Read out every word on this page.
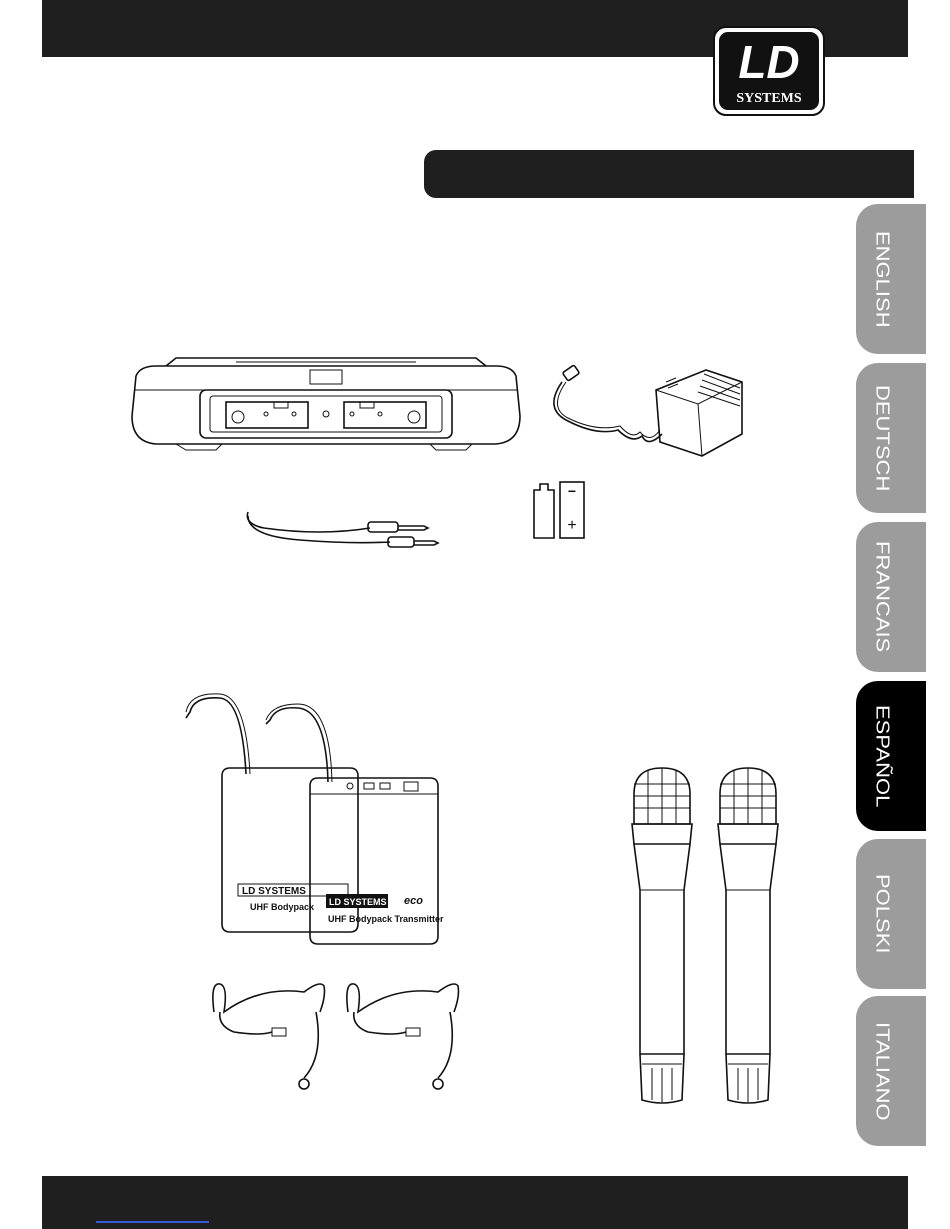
LD
SYSTEMS
ENGLISH
DEUTSCH
FRANCAIS
ESPAÑOL
POLSKI
ITALIANO
−
+
LD SYSTEMS
UHF Bodypack LD SYSTEMS eco
UHF Bodypack Transmitter
